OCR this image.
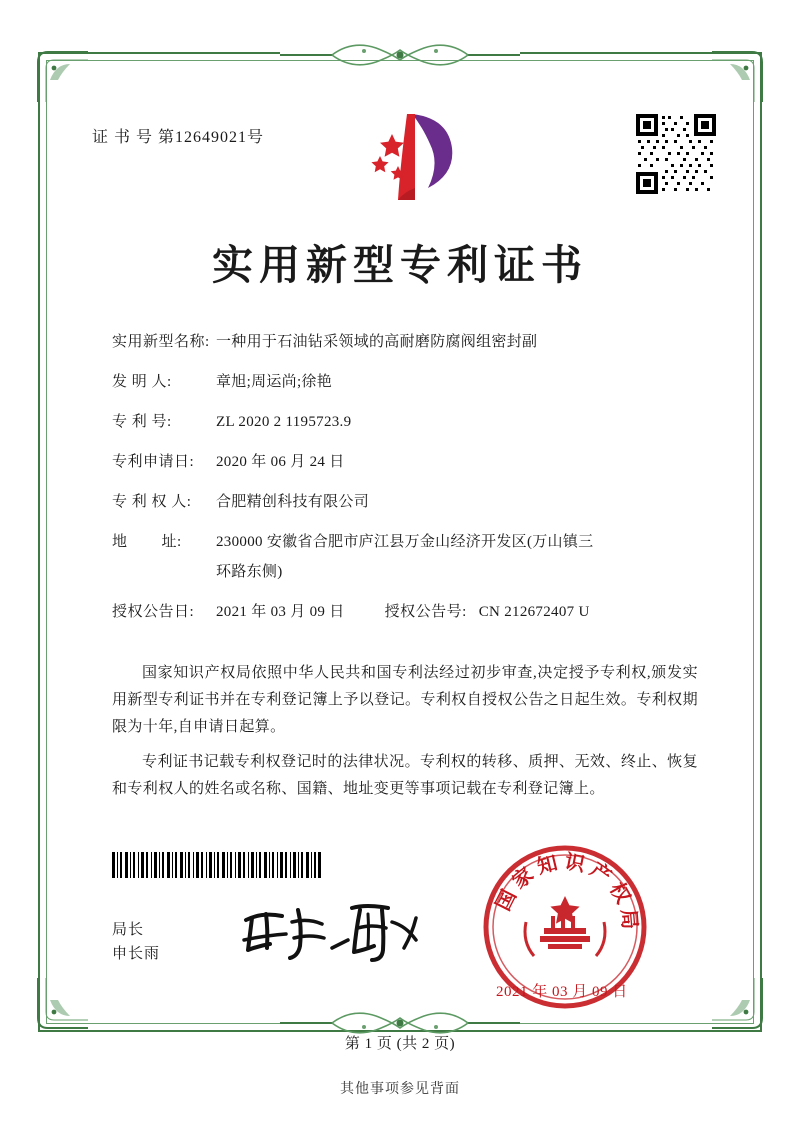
证 书 号 第12649021号
实用新型专利证书
实用新型名称: 一种用于石油钻采领域的高耐磨防腐阀组密封副
发 明 人:	章旭;周运尚;徐艳
专 利 号:	ZL 2020 2 1195723.9
专利申请日:	2020 年 06 月 24 日
专 利 权 人:	合肥精创科技有限公司
地        址:	230000 安徽省合肥市庐江县万金山经济开发区(万山镇三
环路东侧)
授权公告日:	2021 年 03 月 09 日	授权公告号: CN 212672407 U

国家知识产权局依照中华人民共和国专利法经过初步审查,决定授予专利权,颁发实用新型专利证书并在专利登记簿上予以登记。专利权自授权公告之日起生效。专利权期限为十年,自申请日起算。

专利证书记载专利权登记时的法律状况。专利权的转移、质押、无效、终止、恢复和专利权人的姓名或名称、国籍、地址变更等事项记载在专利登记簿上。

局长
申长雨
国家知识产权局
2021 年 03 月 09 日
第 1 页 (共 2 页)
其他事项参见背面
